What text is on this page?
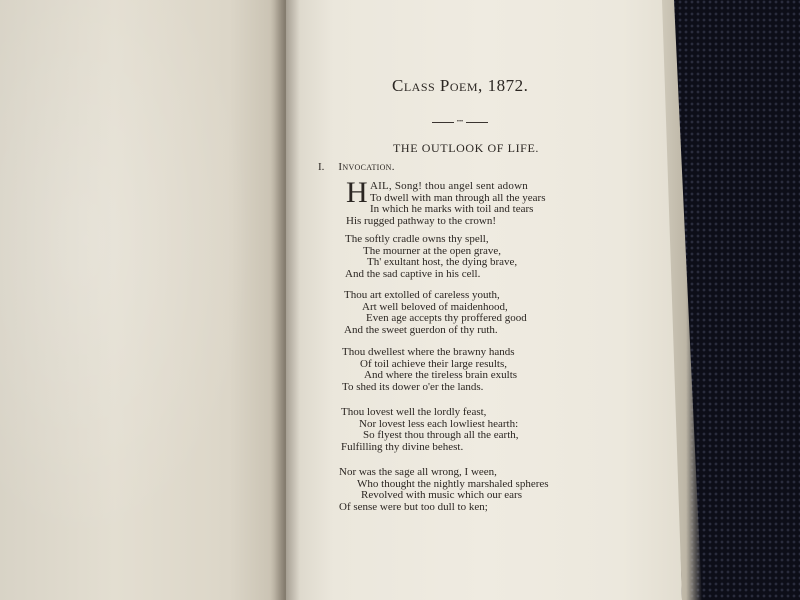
Class Poem, 1872.
•••
THE OUTLOOK OF LIFE.
I. Invocation.
H AIL, Song! thou angel sent adown
To dwell with man through all the years
In which he marks with toil and tears
His rugged pathway to the crown!
The softly cradle owns thy spell,
The mourner at the open grave,
Th' exultant host, the dying brave,
And the sad captive in his cell.
Thou art extolled of careless youth,
Art well beloved of maidenhood,
Even age accepts thy proffered good
And the sweet guerdon of thy ruth.
Thou dwellest where the brawny hands
Of toil achieve their large results,
And where the tireless brain exults
To shed its dower o'er the lands.
Thou lovest well the lordly feast,
Nor lovest less each lowliest hearth:
So flyest thou through all the earth,
Fulfilling thy divine behest.
Nor was the sage all wrong, I ween,
Who thought the nightly marshaled spheres
Revolved with music which our ears
Of sense were but too dull to ken;
